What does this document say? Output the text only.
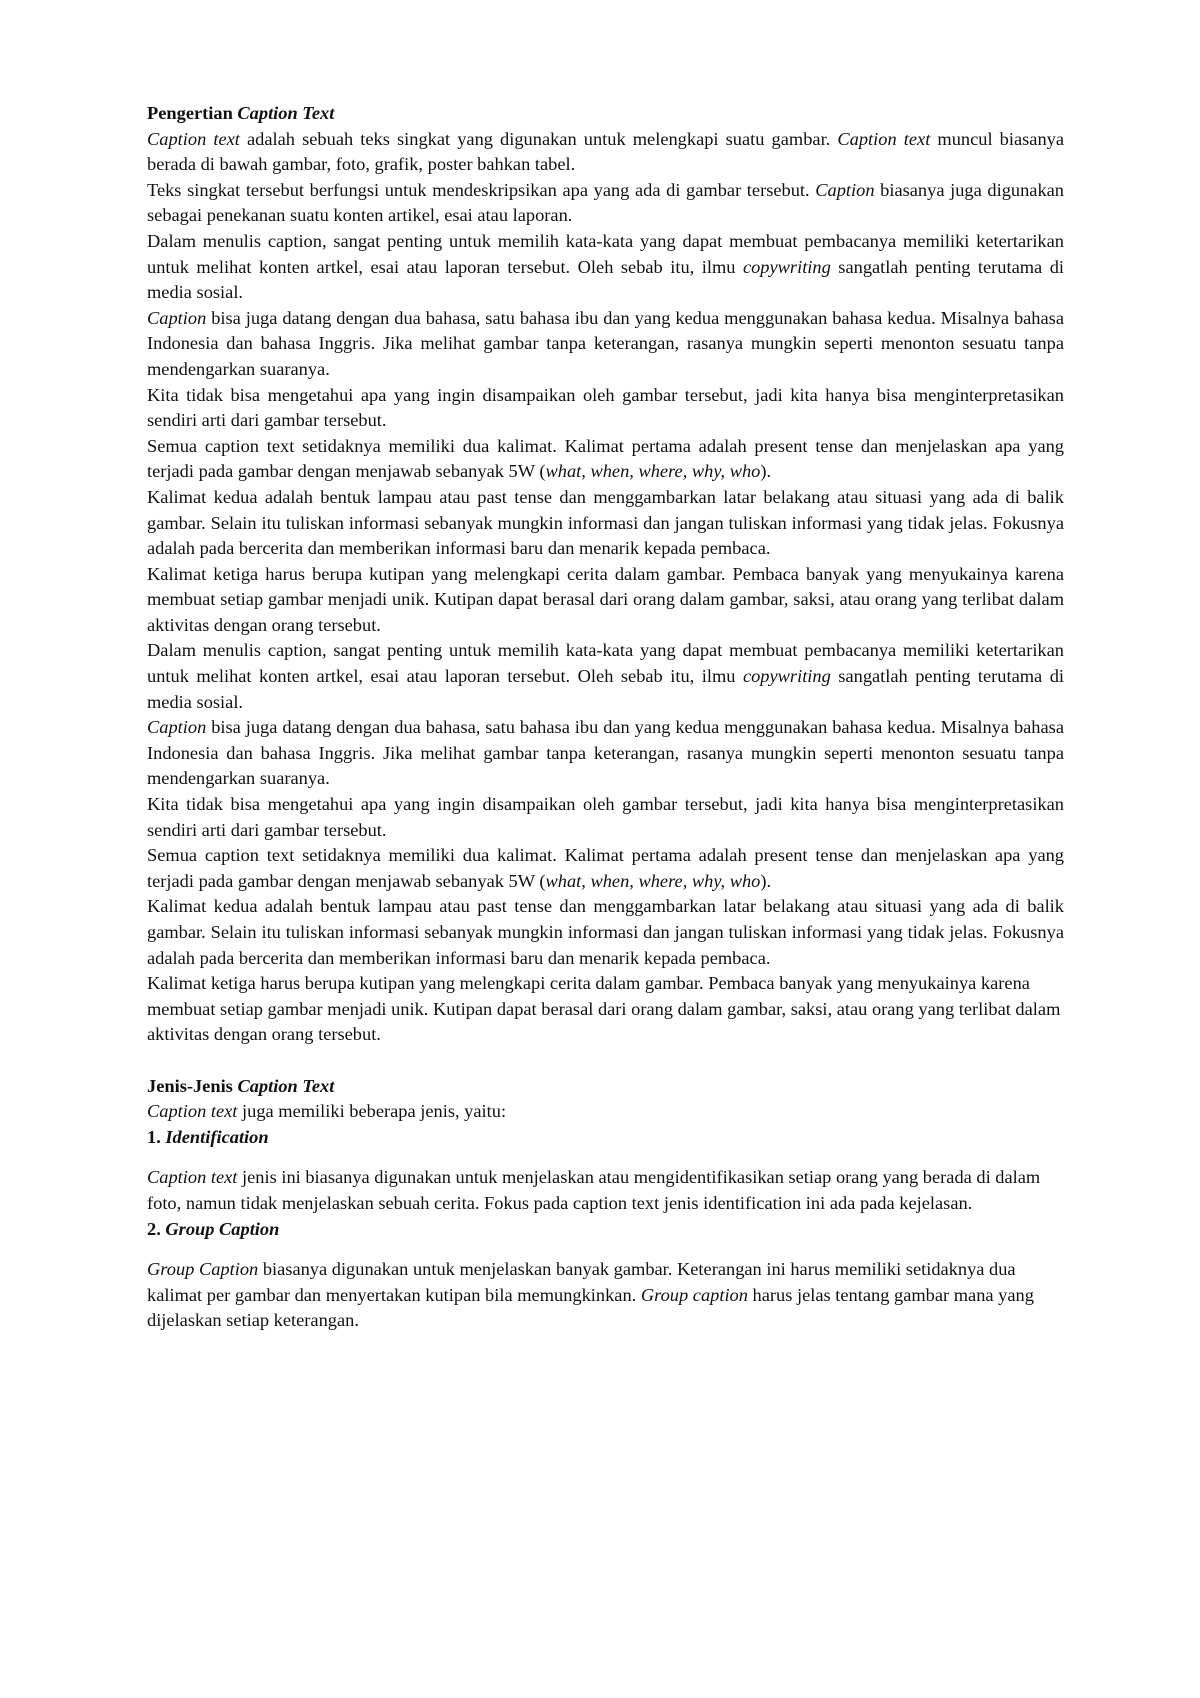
Pengertian Caption Text

Caption text adalah sebuah teks singkat yang digunakan untuk melengkapi suatu gambar. Caption text muncul biasanya berada di bawah gambar, foto, grafik, poster bahkan tabel.

Teks singkat tersebut berfungsi untuk mendeskripsikan apa yang ada di gambar tersebut. Caption biasanya juga digunakan sebagai penekanan suatu konten artikel, esai atau laporan.

Dalam menulis caption, sangat penting untuk memilih kata-kata yang dapat membuat pembacanya memiliki ketertarikan untuk melihat konten artkel, esai atau laporan tersebut. Oleh sebab itu, ilmu copywriting sangatlah penting terutama di media sosial.

Caption bisa juga datang dengan dua bahasa, satu bahasa ibu dan yang kedua menggunakan bahasa kedua. Misalnya bahasa Indonesia dan bahasa Inggris. Jika melihat gambar tanpa keterangan, rasanya mungkin seperti menonton sesuatu tanpa mendengarkan suaranya.

Kita tidak bisa mengetahui apa yang ingin disampaikan oleh gambar tersebut, jadi kita hanya bisa menginterpretasikan sendiri arti dari gambar tersebut.

Semua caption text setidaknya memiliki dua kalimat. Kalimat pertama adalah present tense dan menjelaskan apa yang terjadi pada gambar dengan menjawab sebanyak 5W (what, when, where, why, who).

Kalimat kedua adalah bentuk lampau atau past tense dan menggambarkan latar belakang atau situasi yang ada di balik gambar. Selain itu tuliskan informasi sebanyak mungkin informasi dan jangan tuliskan informasi yang tidak jelas. Fokusnya adalah pada bercerita dan memberikan informasi baru dan menarik kepada pembaca.

Kalimat ketiga harus berupa kutipan yang melengkapi cerita dalam gambar. Pembaca banyak yang menyukainya karena membuat setiap gambar menjadi unik. Kutipan dapat berasal dari orang dalam gambar, saksi, atau orang yang terlibat dalam aktivitas dengan orang tersebut.

Dalam menulis caption, sangat penting untuk memilih kata-kata yang dapat membuat pembacanya memiliki ketertarikan untuk melihat konten artkel, esai atau laporan tersebut. Oleh sebab itu, ilmu copywriting sangatlah penting terutama di media sosial.

Caption bisa juga datang dengan dua bahasa, satu bahasa ibu dan yang kedua menggunakan bahasa kedua. Misalnya bahasa Indonesia dan bahasa Inggris. Jika melihat gambar tanpa keterangan, rasanya mungkin seperti menonton sesuatu tanpa mendengarkan suaranya.

Kita tidak bisa mengetahui apa yang ingin disampaikan oleh gambar tersebut, jadi kita hanya bisa menginterpretasikan sendiri arti dari gambar tersebut.

Semua caption text setidaknya memiliki dua kalimat. Kalimat pertama adalah present tense dan menjelaskan apa yang terjadi pada gambar dengan menjawab sebanyak 5W (what, when, where, why, who).

Kalimat kedua adalah bentuk lampau atau past tense dan menggambarkan latar belakang atau situasi yang ada di balik gambar. Selain itu tuliskan informasi sebanyak mungkin informasi dan jangan tuliskan informasi yang tidak jelas. Fokusnya adalah pada bercerita dan memberikan informasi baru dan menarik kepada pembaca.

Kalimat ketiga harus berupa kutipan yang melengkapi cerita dalam gambar. Pembaca banyak yang menyukainya karena membuat setiap gambar menjadi unik. Kutipan dapat berasal dari orang dalam gambar, saksi, atau orang yang terlibat dalam aktivitas dengan orang tersebut.

Jenis-Jenis Caption Text

Caption text juga memiliki beberapa jenis, yaitu:

1. Identification

Caption text jenis ini biasanya digunakan untuk menjelaskan atau mengidentifikasikan setiap orang yang berada di dalam foto, namun tidak menjelaskan sebuah cerita. Fokus pada caption text jenis identification ini ada pada kejelasan.

2. Group Caption

Group Caption biasanya digunakan untuk menjelaskan banyak gambar. Keterangan ini harus memiliki setidaknya dua kalimat per gambar dan menyertakan kutipan bila memungkinkan. Group caption harus jelas tentang gambar mana yang dijelaskan setiap keterangan.
